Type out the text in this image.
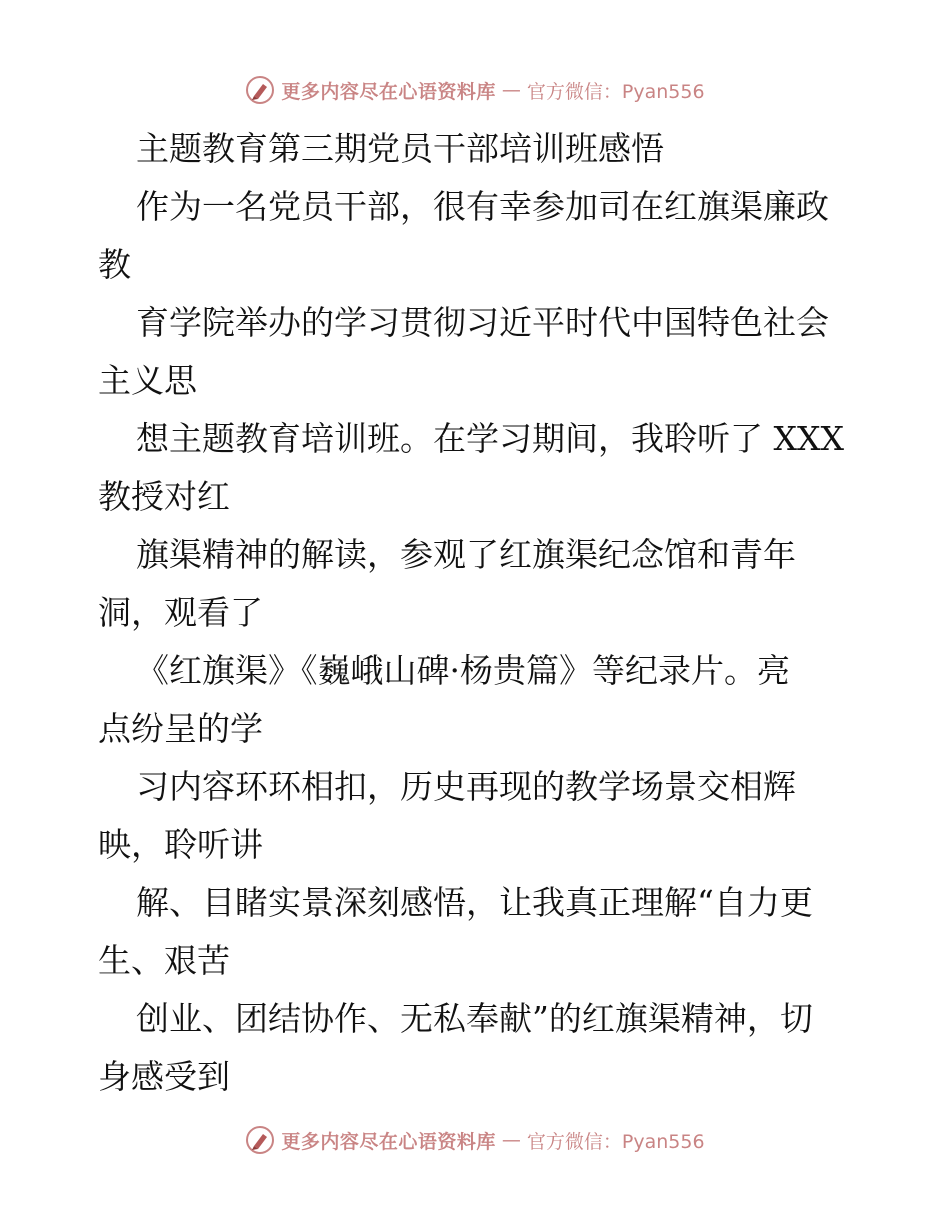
更多内容尽在心语资料库 — 官方微信：Pyan556
主题教育第三期党员干部培训班感悟
作为一名党员干部，很有幸参加司在红旗渠廉政
教
育学院举办的学习贯彻习近平时代中国特色社会
主义思
想主题教育培训班。在学习期间，我聆听了 XXX
教授对红
旗渠精神的解读，参观了红旗渠纪念馆和青年
洞，观看了
《红旗渠》《巍峨山碑·杨贵篇》等纪录片。亮
点纷呈的学
习内容环环相扣，历史再现的教学场景交相辉
映，聆听讲
解、目睹实景深刻感悟，让我真正理解“自力更
生、艰苦
创业、团结协作、无私奉献”的红旗渠精神，切
身感受到
更多内容尽在心语资料库 — 官方微信：Pyan556
